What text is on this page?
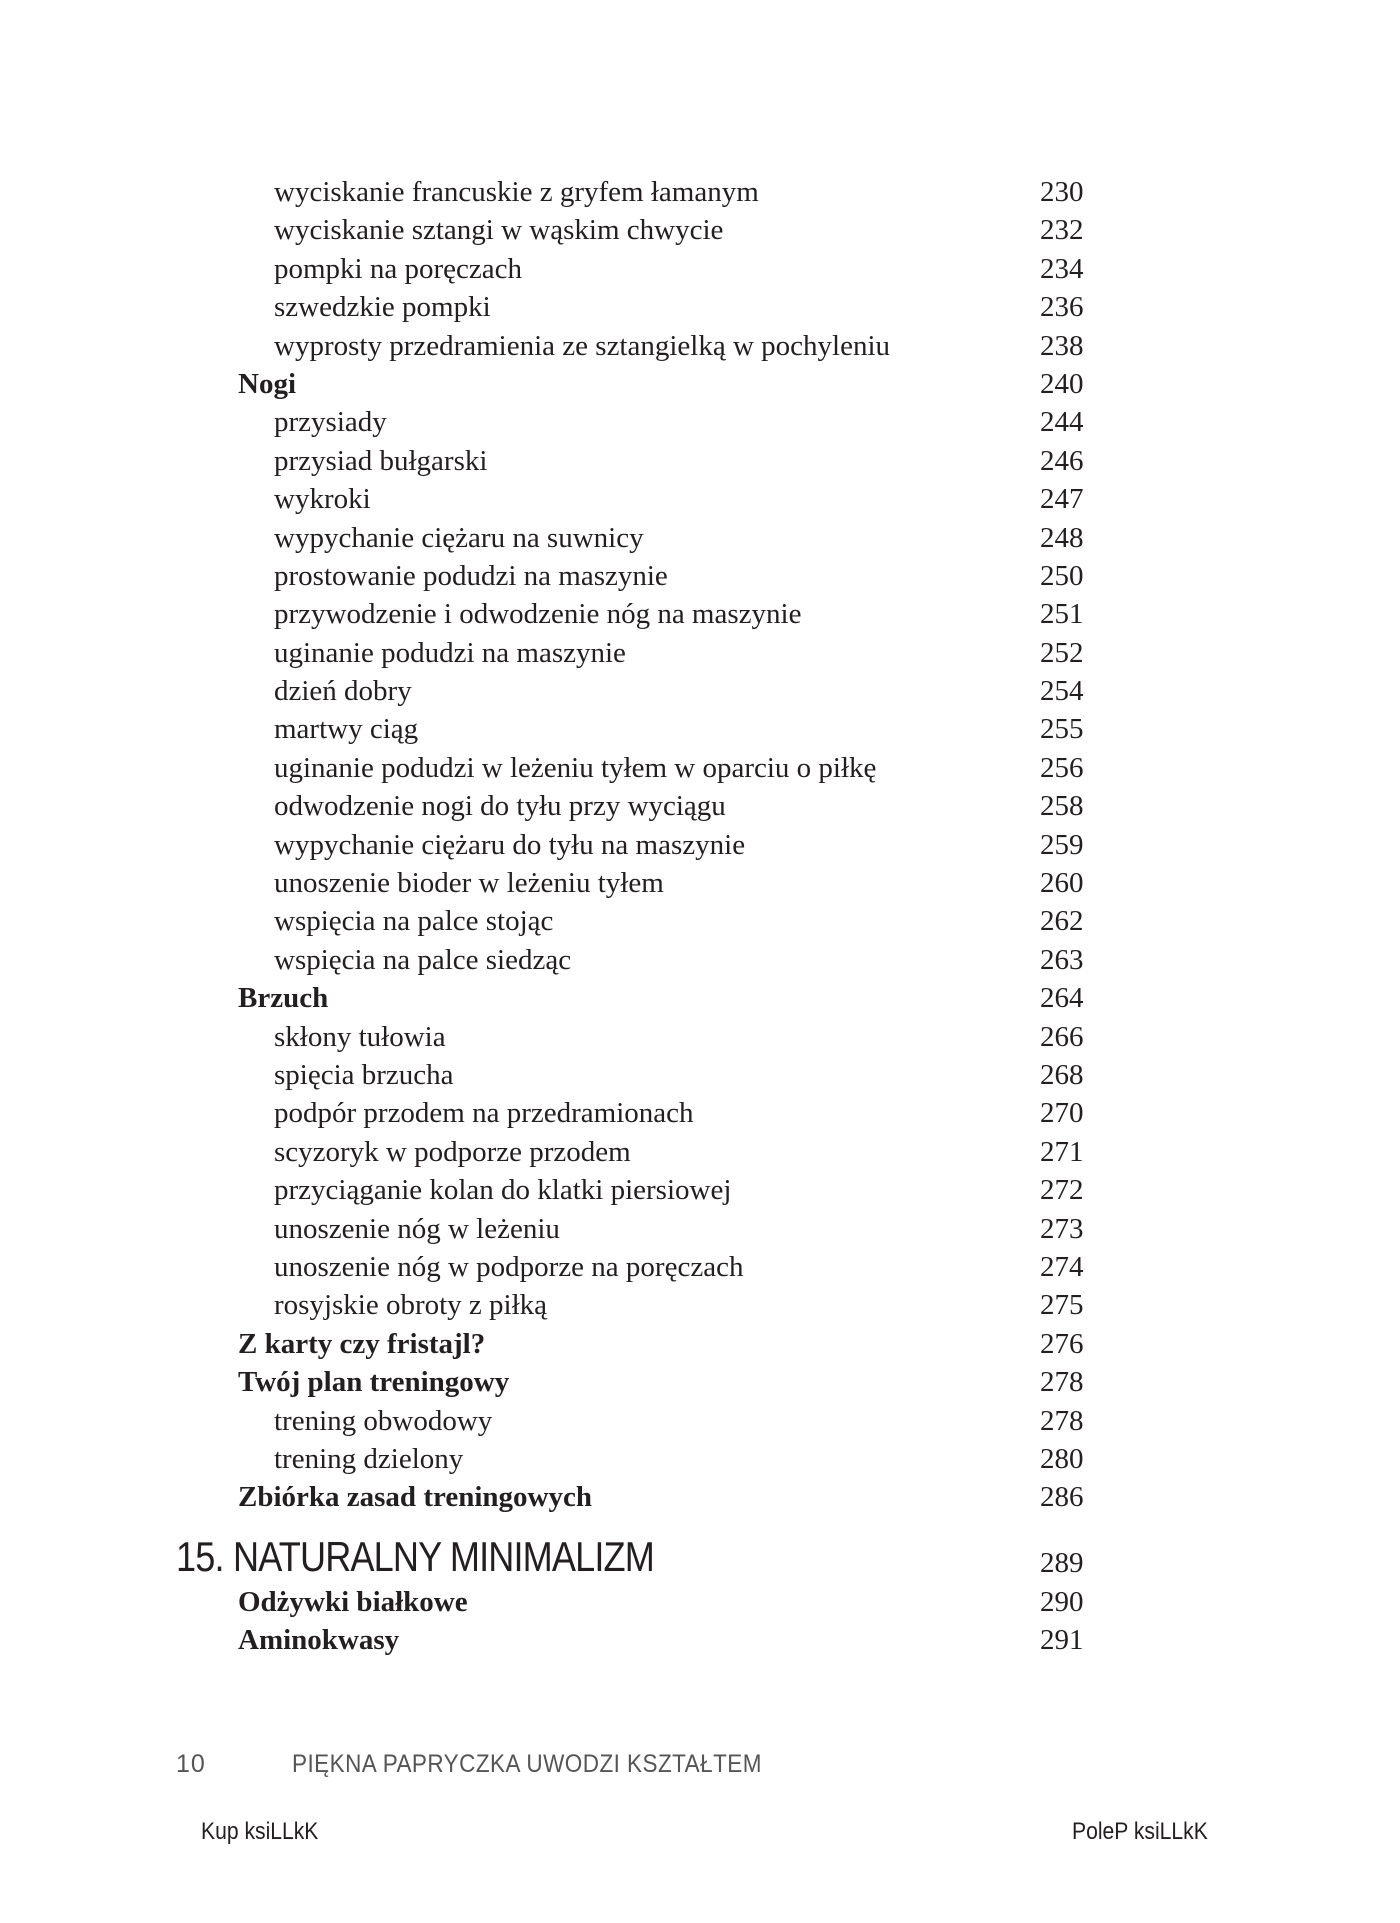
wyciskanie francuskie z gryfem łamanym	230
wyciskanie sztangi w wąskim chwycie	232
pompki na poręczach	234
szwedzkie pompki	236
wyprosty przedramienia ze sztangielką w pochyleniu	238
Nogi	240
przysiady	244
przysiad bułgarski	246
wykroki	247
wypychanie ciężaru na suwnicy	248
prostowanie podudzi na maszynie	250
przywodzenie i odwodzenie nóg na maszynie	251
uginanie podudzi na maszynie	252
dzień dobry	254
martwy ciąg	255
uginanie podudzi w leżeniu tyłem w oparciu o piłkę	256
odwodzenie nogi do tyłu przy wyciągu	258
wypychanie ciężaru do tyłu na maszynie	259
unoszenie bioder w leżeniu tyłem	260
wspięcia na palce stojąc	262
wspięcia na palce siedząc	263
Brzuch	264
skłony tułowia	266
spięcia brzucha	268
podpór przodem na przedramionach	270
scyzoryk w podporze przodem	271
przyciąganie kolan do klatki piersiowej	272
unoszenie nóg w leżeniu	273
unoszenie nóg w podporze na poręczach	274
rosyjskie obroty z piłką	275
Z karty czy fristajl?	276
Twój plan treningowy	278
trening obwodowy	278
trening dzielony	280
Zbiórka zasad treningowych	286
15. NATURALNY MINIMALIZM	289
Odżywki białkowe	290
Aminokwasy	291
10	PIĘKNA PAPRYCZKA UWODZI KSZTAŁTEM
Kup ksiLLkK	PoleP ksiLLkK
